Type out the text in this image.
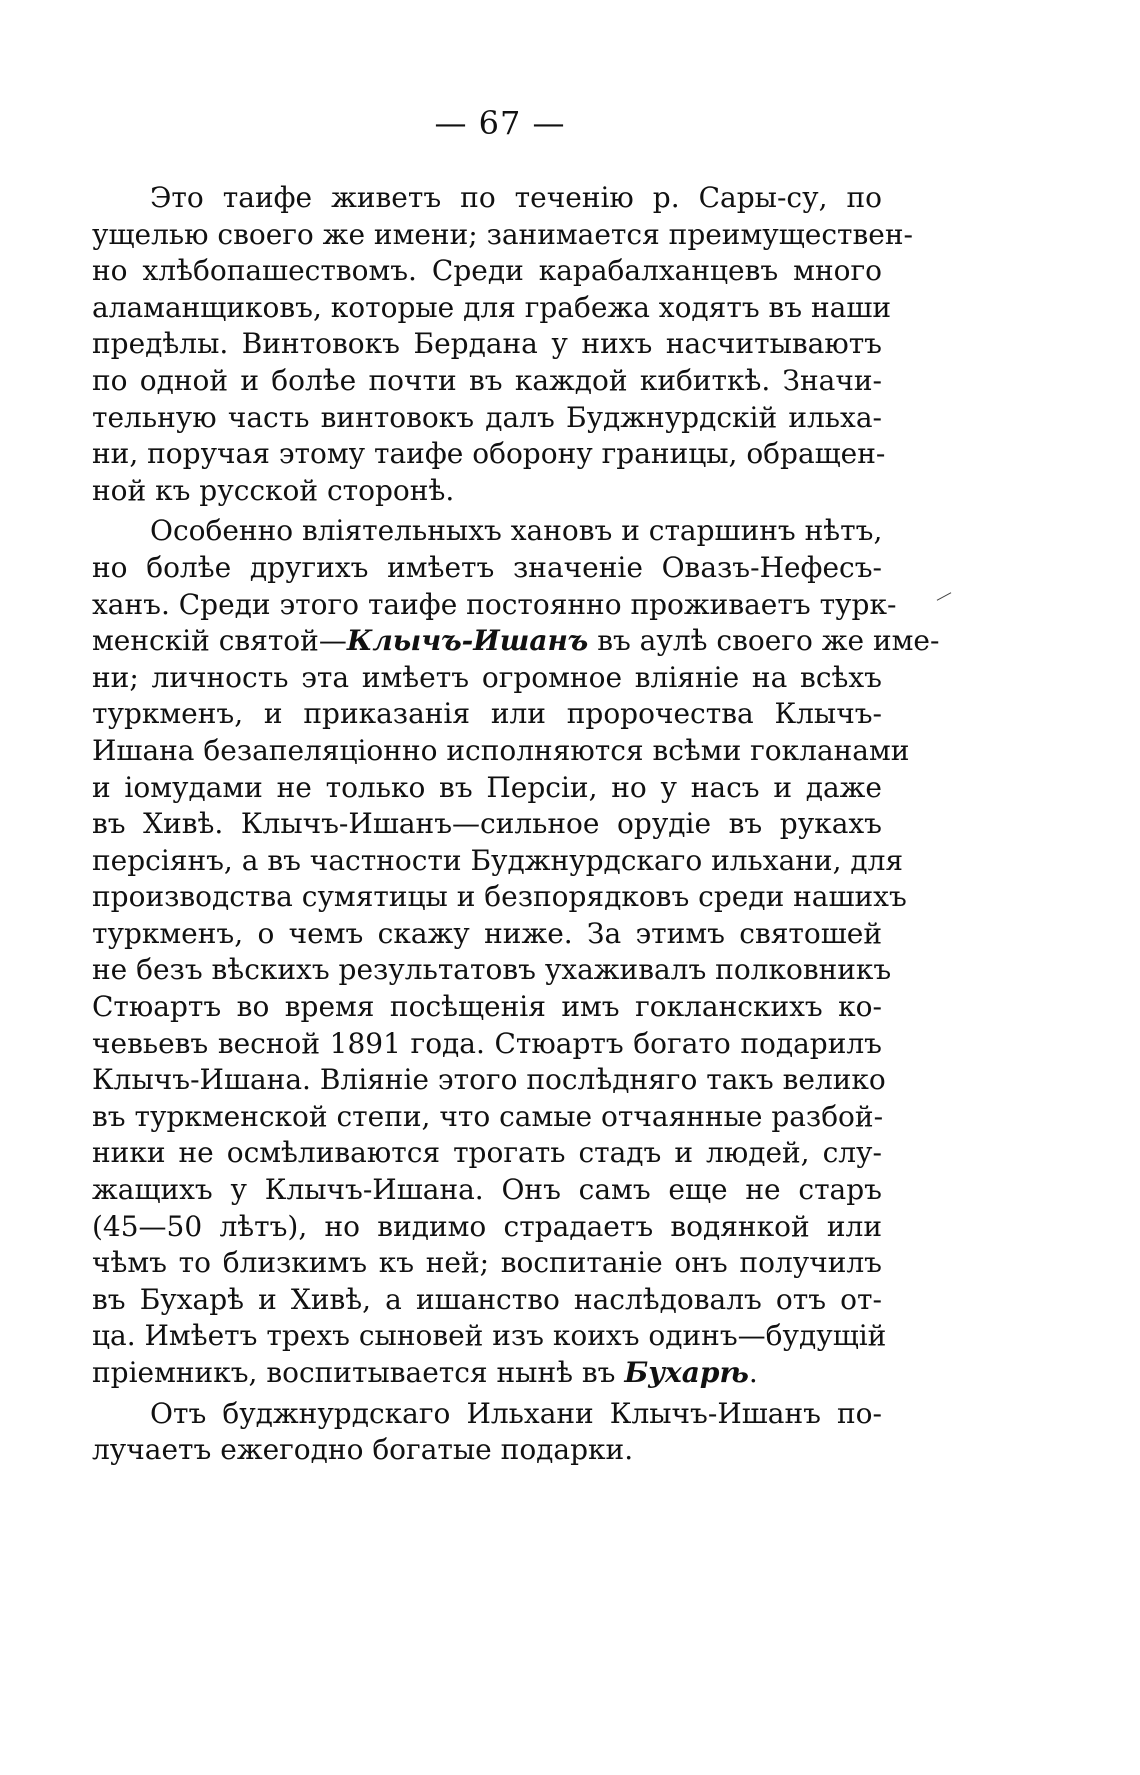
— 67 —
Это таифе живетъ по теченію р. Сары-су, по
ущелью своего же имени; занимается преимуществен-
но хлѣбопашествомъ. Среди карабалханцевъ много
аламанщиковъ, которые для грабежа ходятъ въ наши
предѣлы. Винтовокъ Бердана у нихъ насчитываютъ
по одной и болѣе почти въ каждой кибиткѣ. Значи-
тельную часть винтовокъ далъ Буджнурдскій ильха-
ни, поручая этому таифе оборону границы, обращен-
ной къ русской сторонѣ.
Особенно вліятельныхъ хановъ и старшинъ нѣтъ,
но болѣе другихъ имѣетъ значеніе Овазъ-Нефесъ-
ханъ. Среди этого таифе постоянно проживаетъ турк-
менскій святой—Клычъ-Ишанъ въ аулѣ своего же име-
ни; личность эта имѣетъ огромное вліяніе на всѣхъ
туркменъ, и приказанія или пророчества Клычъ-
Ишана безапеляціонно исполняются всѣми гокланами
и іомудами не только въ Персіи, но у насъ и даже
въ Хивѣ. Клычъ-Ишанъ—сильное орудіе въ рукахъ
персіянъ, а въ частности Буджнурдскаго ильхани, для
производства сумятицы и безпорядковъ среди нашихъ
туркменъ, о чемъ скажу ниже. За этимъ святошей
не безъ вѣскихъ результатовъ ухаживалъ полковникъ
Стюартъ во время посѣщенія имъ гокланскихъ ко-
чевьевъ весной 1891 года. Стюартъ богато подарилъ
Клычъ-Ишана. Вліяніе этого послѣдняго такъ велико
въ туркменской степи, что самые отчаянные разбой-
ники не осмѣливаются трогать стадъ и людей, слу-
жащихъ у Клычъ-Ишана. Онъ самъ еще не старъ
(45—50 лѣтъ), но видимо страдаетъ водянкой или
чѣмъ то близкимъ къ ней; воспитаніе онъ получилъ
въ Бухарѣ и Хивѣ, а ишанство наслѣдовалъ отъ от-
ца. Имѣетъ трехъ сыновей изъ коихъ одинъ—будущій
пріемникъ, воспитывается нынѣ въ Бухарѣ.
Отъ буджнурдскаго Ильхани Клычъ-Ишанъ по-
лучаетъ ежегодно богатые подарки.
